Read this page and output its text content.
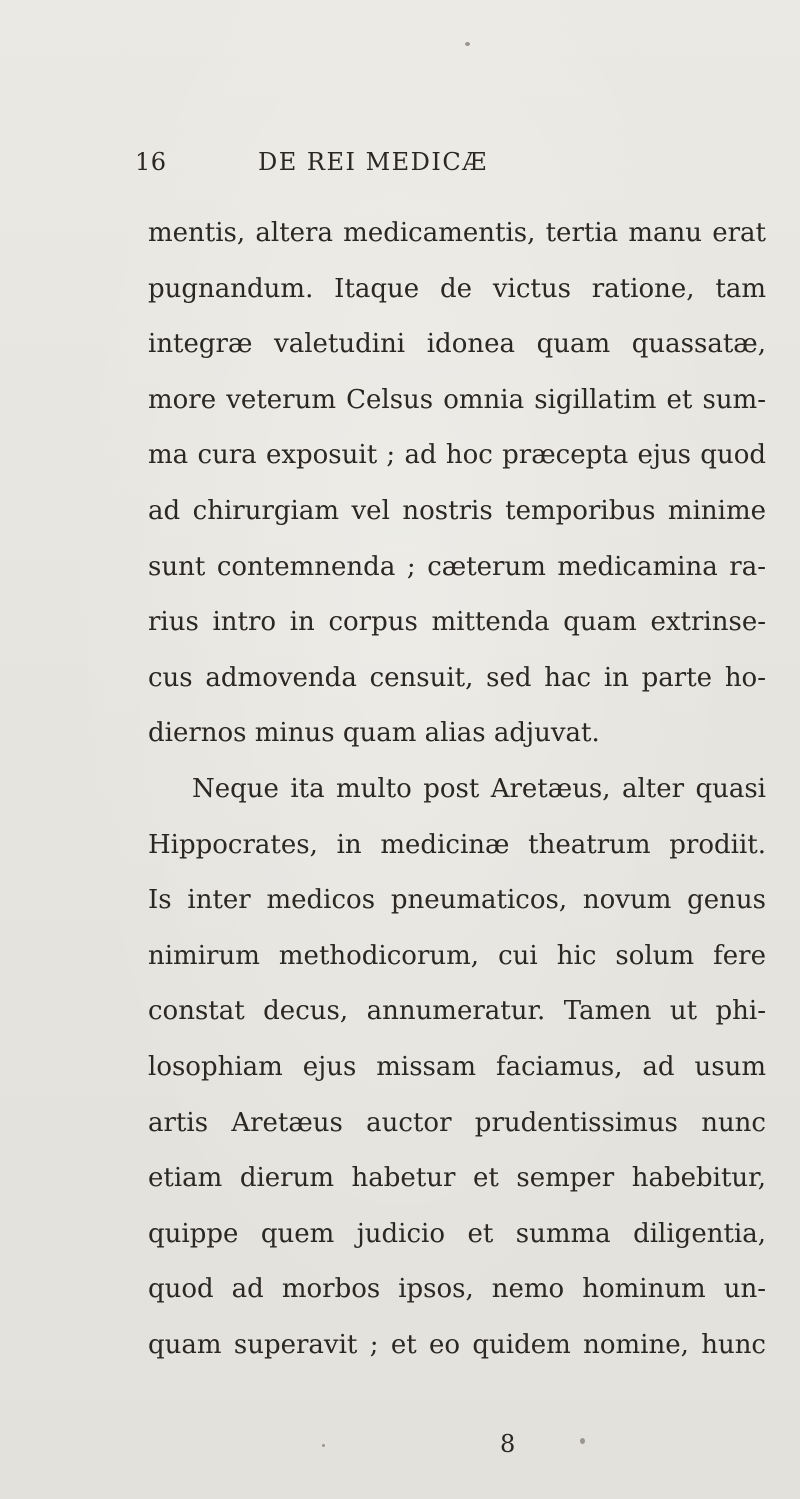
16	DE REI MEDICÆ
mentis, altera medicamentis, tertia manu erat
pugnandum. Itaque de victus ratione, tam
integræ valetudini idonea quam quassatæ,
more veterum Celsus omnia sigillatim et sum-
ma cura exposuit ; ad hoc præcepta ejus quod
ad chirurgiam vel nostris temporibus minime
sunt contemnenda ; cæterum medicamina ra-
rius intro in corpus mittenda quam extrinse-
cus admovenda censuit, sed hac in parte ho-
diernos minus quam alias adjuvat.
Neque ita multo post Aretæus, alter quasi
Hippocrates, in medicinæ theatrum prodiit.
Is inter medicos pneumaticos, novum genus
nimirum methodicorum, cui hic solum fere
constat decus, annumeratur. Tamen ut phi-
losophiam ejus missam faciamus, ad usum
artis Aretæus auctor prudentissimus nunc
etiam dierum habetur et semper habebitur,
quippe quem judicio et summa diligentia,
quod ad morbos ipsos, nemo hominum un-
quam superavit ; et eo quidem nomine, hunc
8
